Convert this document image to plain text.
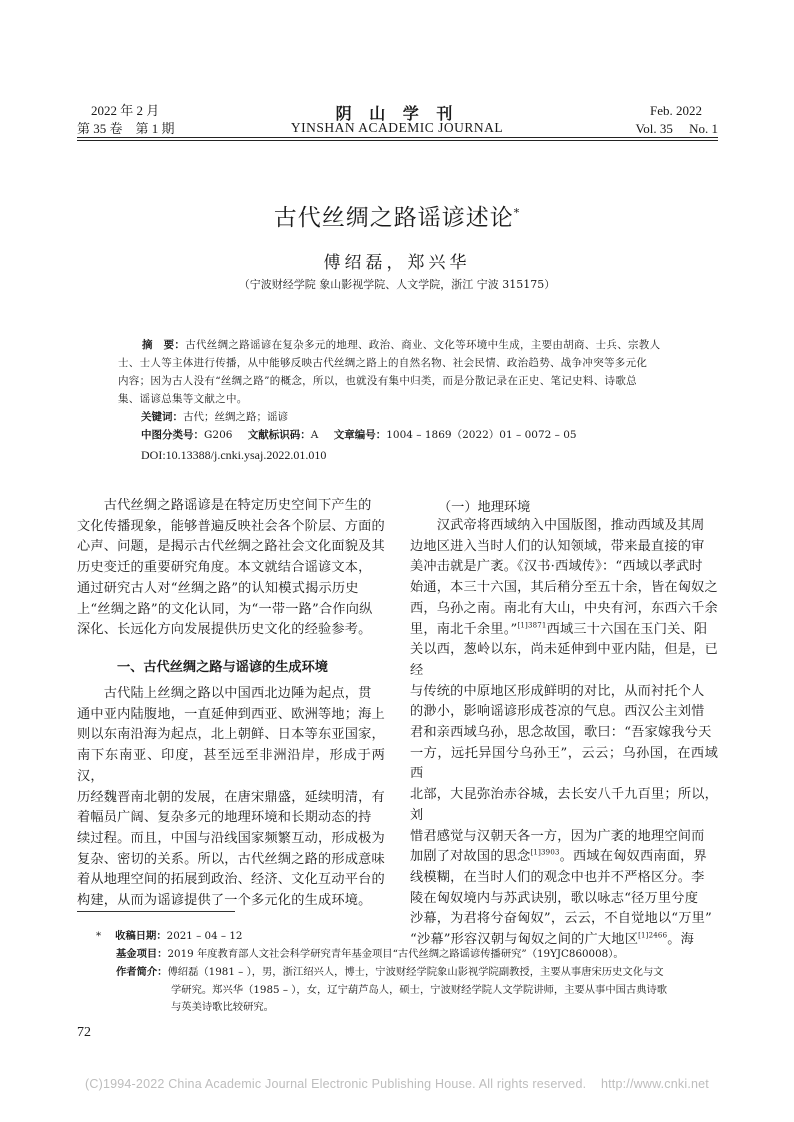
2022 年 2 月
第 35 卷　第 1 期
阴 山 学 刊
YINSHAN ACADEMIC JOURNAL
Feb. 2022
Vol. 35　 No. 1
古代丝绸之路谣谚述论*
傅绍磊，郑兴华
（宁波财经学院 象山影视学院、人文学院，浙江 宁波 315175）
摘　要：古代丝绸之路谣谚在复杂多元的地理、政治、商业、文化等环境中生成，主要由胡商、士兵、宗教人
士、士人等主体进行传播，从中能够反映古代丝绸之路上的自然名物、社会民情、政治趋势、战争冲突等多元化
内容；因为古人没有“丝绸之路”的概念，所以，也就没有集中归类，而是分散记录在正史、笔记史料、诗歌总
集、谣谚总集等文献之中。
关键词：古代；丝绸之路；谣谚
中图分类号：G206 文献标识码：A 文章编号：1004 – 1869（2022）01 – 0072 – 05
DOI:10.13388/j.cnki.ysaj.2022.01.010
　　古代丝绸之路谣谚是在特定历史空间下产生的
文化传播现象，能够普遍反映社会各个阶层、方面的
心声、问题，是揭示古代丝绸之路社会文化面貌及其
历史变迁的重要研究角度。本文就结合谣谚文本，
通过研究古人对“丝绸之路”的认知模式揭示历史
上“丝绸之路”的文化认同，为“一带一路”合作向纵
深化、长远化方向发展提供历史文化的经验参考。
一、古代丝绸之路与谣谚的生成环境
　　古代陆上丝绸之路以中国西北边陲为起点，贯
通中亚内陆腹地，一直延伸到西亚、欧洲等地；海上
则以东南沿海为起点，北上朝鲜、日本等东亚国家，
南下东南亚、印度，甚至远至非洲沿岸，形成于两汉，
历经魏晋南北朝的发展，在唐宋鼎盛，延续明清，有
着幅员广阔、复杂多元的地理环境和长期动态的持
续过程。而且，中国与沿线国家频繁互动，形成极为
复杂、密切的关系。所以，古代丝绸之路的形成意味
着从地理空间的拓展到政治、经济、文化互动平台的
构建，从而为谣谚提供了一个多元化的生成环境。
（一）地理环境
　　汉武帝将西域纳入中国版图，推动西域及其周
边地区进入当时人们的认知领域，带来最直接的审
美冲击就是广袤。《汉书·西域传》：“西域以孝武时
始通，本三十六国，其后稍分至五十余，皆在匈奴之
西，乌孙之南。南北有大山，中央有河，东西六千余
里，南北千余里。”$^{[1]3871}$西域三十六国在玉门关、阳
关以西，葱岭以东，尚未延伸到中亚内陆，但是，已经
与传统的中原地区形成鲜明的对比，从而衬托个人
的渺小，影响谣谚形成苍凉的气息。西汉公主刘惜
君和亲西域乌孙，思念故国，歌曰：“吾家嫁我兮天
一方，远托异国兮乌孙王”，云云；乌孙国，在西域西
北部，大昆弥治赤谷城，去长安八千九百里；所以，刘
惜君感觉与汉朝天各一方，因为广袤的地理空间而
加剧了对故国的思念$^{[1]3903}$。西域在匈奴西南面，界
线模糊，在当时人们的观念中也并不严格区分。李
陵在匈奴境内与苏武诀别，歌以咏志“径万里兮度
沙幕，为君将兮奋匈奴”，云云，不自觉地以“万里”
“沙幕”形容汉朝与匈奴之间的广大地区$^{[1]2466}$。海
* 收稿日期：2021 – 04 – 12
基金项目：2019 年度教育部人文社会科学研究青年基金项目“古代丝绸之路谣谚传播研究”（19YJC860008）。
作者简介：傅绍磊（1981 – ），男，浙江绍兴人，博士，宁波财经学院象山影视学院副教授，主要从事唐宋历史文化与文
学研究。郑兴华（1985 – ），女，辽宁葫芦岛人，硕士，宁波财经学院人文学院讲师，主要从事中国古典诗歌
与英美诗歌比较研究。
72
(C)1994-2022 China Academic Journal Electronic Publishing House. All rights reserved.    http://www.cnki.net
